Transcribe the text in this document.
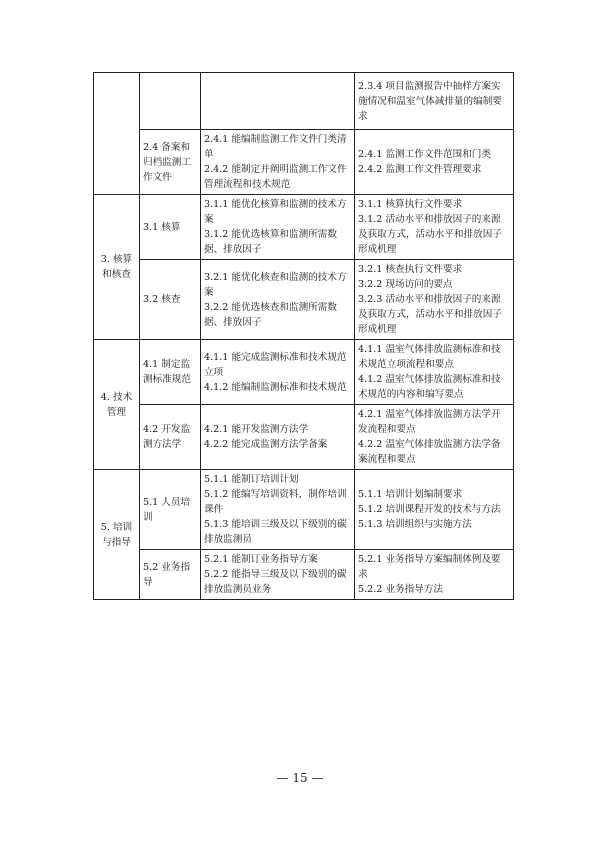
			2.3.4 项目监测报告中抽样方案实施情况和温室气体减排量的编制要求

	2.4 备案和归档监测工作文件	2.4.1 能编制监测工作文件门类清单
2.4.2 能制定并阐明监测工作文件管理流程和技术规范	2.4.1 监测工作文件范围和门类
2.4.2 监测工作文件管理要求

3. 核算和核查	3.1 核算	3.1.1 能优化核算和监测的技术方案
3.1.2 能优选核算和监测所需数据、排放因子	3.1.1 核算执行文件要求
3.1.2 活动水平和排放因子的来源及获取方式，活动水平和排放因子形成机理

	3.2 核查	3.2.1 能优化核查和监测的技术方案
3.2.2 能优选核查和监测所需数据、排放因子	3.2.1 核查执行文件要求
3.2.2 现场访问的要点
3.2.3 活动水平和排放因子的来源及获取方式，活动水平和排放因子形成机理

4. 技术管理	4.1 制定监测标准规范	4.1.1 能完成监测标准和技术规范立项
4.1.2 能编制监测标准和技术规范	4.1.1 温室气体排放监测标准和技术规范立项流程和要点
4.1.2 温室气体排放监测标准和技术规范的内容和编写要点

	4.2 开发监测方法学	4.2.1 能开发监测方法学
4.2.2 能完成监测方法学备案	4.2.1 温室气体排放监测方法学开发流程和要点
4.2.2 温室气体排放监测方法学备案流程和要点

5. 培训与指导	5.1 人员培训	5.1.1 能制订培训计划
5.1.2 能编写培训资料，制作培训课件
5.1.3 能培训三级及以下级别的碳排放监测员	5.1.1 培训计划编制要求
5.1.2 培训课程开发的技术与方法
5.1.3 培训组织与实施方法

	5.2 业务指导	5.2.1 能制订业务指导方案
5.2.2 能指导三级及以下级别的碳排放监测员业务	5.2.1 业务指导方案编制体例及要求
5.2.2 业务指导方法
— 15 —
